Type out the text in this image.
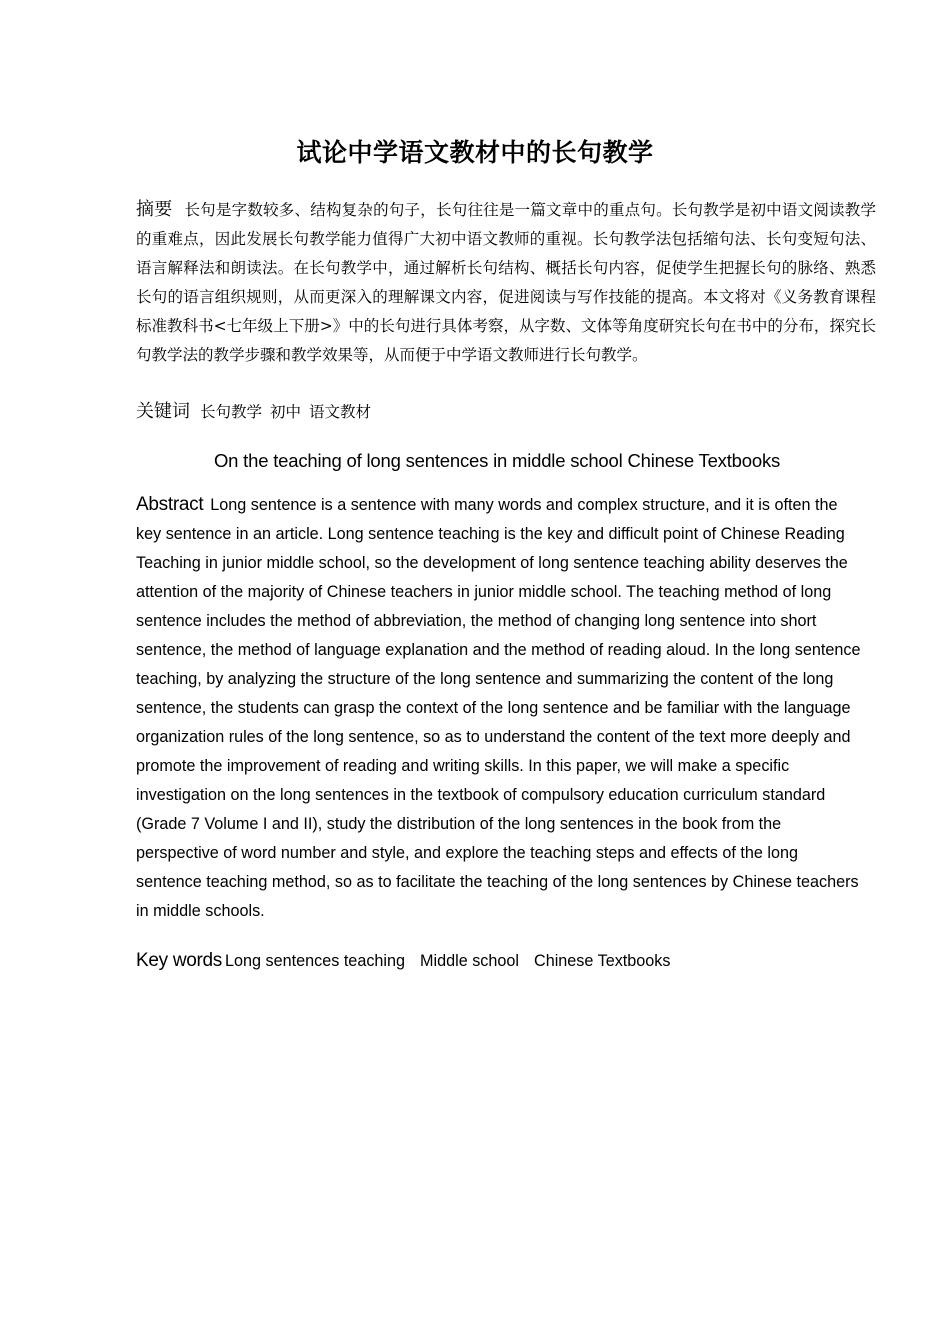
试论中学语文教材中的长句教学

摘要 长句是字数较多、结构复杂的句子，长句往往是一篇文章中的重点句。长句教学是初中语文阅读教学的重难点，因此发展长句教学能力值得广大初中语文教师的重视。长句教学法包括缩句法、长句变短句法、语言解释法和朗读法。在长句教学中，通过解析长句结构、概括长句内容，促使学生把握长句的脉络、熟悉长句的语言组织规则，从而更深入的理解课文内容，促进阅读与写作技能的提高。本文将对《义务教育课程标准教科书<七年级上下册>》中的长句进行具体考察，从字数、文体等角度研究长句在书中的分布，探究长句教学法的教学步骤和教学效果等，从而便于中学语文教师进行长句教学。

关键词 长句教学 初中 语文教材

On the teaching of long sentences in middle school Chinese Textbooks

Abstract Long sentence is a sentence with many words and complex structure, and it is often the key sentence in an article. Long sentence teaching is the key and difficult point of Chinese Reading Teaching in junior middle school, so the development of long sentence teaching ability deserves the attention of the majority of Chinese teachers in junior middle school. The teaching method of long sentence includes the method of abbreviation, the method of changing long sentence into short sentence, the method of language explanation and the method of reading aloud. In the long sentence teaching, by analyzing the structure of the long sentence and summarizing the content of the long sentence, the students can grasp the context of the long sentence and be familiar with the language organization rules of the long sentence, so as to understand the content of the text more deeply and promote the improvement of reading and writing skills. In this paper, we will make a specific investigation on the long sentences in the textbook of compulsory education curriculum standard (Grade 7 Volume I and II), study the distribution of the long sentences in the book from the perspective of word number and style, and explore the teaching steps and effects of the long sentence teaching method, so as to facilitate the teaching of the long sentences by Chinese teachers in middle schools.

Key words Long sentences teaching Middle school Chinese Textbooks
